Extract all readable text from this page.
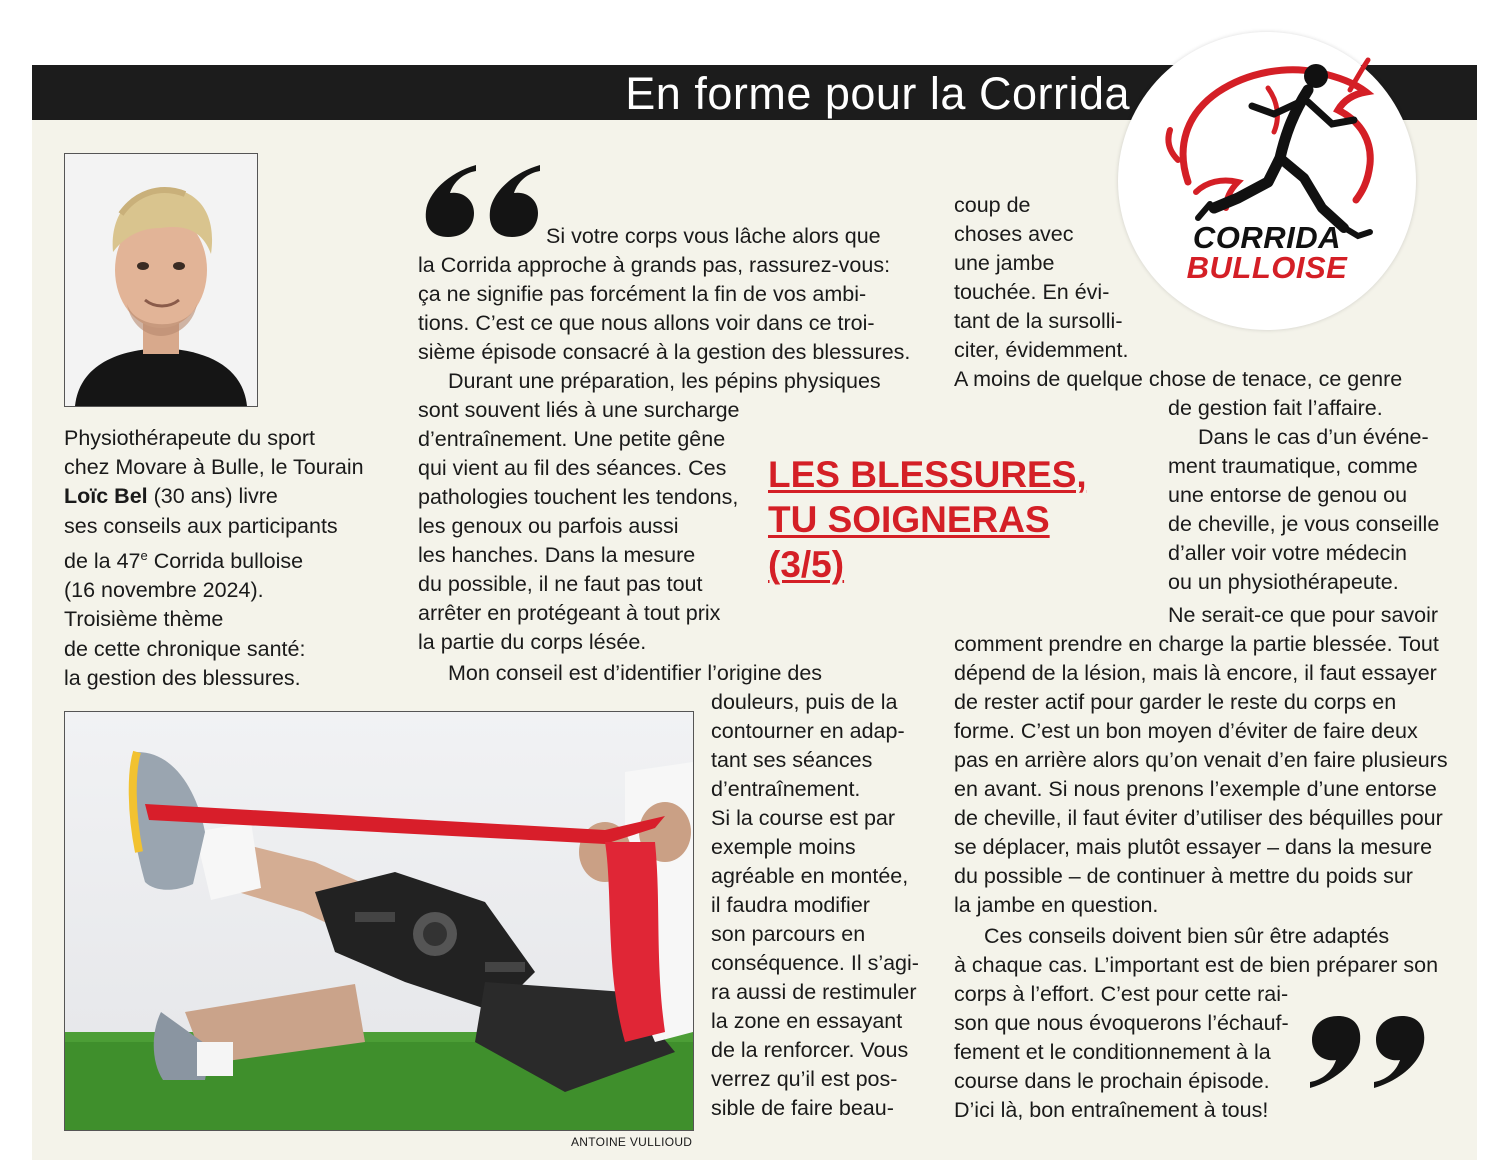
En forme pour la Corrida
CORRIDA
BULLOISE
Physiothérapeute du sport
chez Movare à Bulle, le Tourain
Loïc Bel (30 ans) livre
ses conseils aux participants
de la 47e Corrida bulloise
(16 novembre 2024).
Troisième thème
de cette chronique santé:
la gestion des blessures.
ANTOINE VULLIOUD
LES BLESSURES,
TU SOIGNERAS
(3/5)
Si votre corps vous lâche alors que
la Corrida approche à grands pas, rassurez-vous:
ça ne signifie pas forcément la fin de vos ambi-
tions. C’est ce que nous allons voir dans ce troi-
sième épisode consacré à la gestion des blessures.
Durant une préparation, les pépins physiques
sont souvent liés à une surcharge
d’entraînement. Une petite gêne
qui vient au fil des séances. Ces
pathologies touchent les tendons,
les genoux ou parfois aussi
les hanches. Dans la mesure
du possible, il ne faut pas tout
arrêter en protégeant à tout prix
la partie du corps lésée.
Mon conseil est d’identifier l’origine des
douleurs, puis de la
contourner en adap-
tant ses séances
d’entraînement.
Si la course est par
exemple moins
agréable en montée,
il faudra modifier
son parcours en
conséquence. Il s’agi-
ra aussi de restimuler
la zone en essayant
de la renforcer. Vous
verrez qu’il est pos-
sible de faire beau-
coup de
choses avec
une jambe
touchée. En évi-
tant de la sursolli-
citer, évidemment.
A moins de quelque chose de tenace, ce genre
de gestion fait l’affaire.
Dans le cas d’un événe-
ment traumatique, comme
une entorse de genou ou
de cheville, je vous conseille
d’aller voir votre médecin
ou un physiothérapeute.
Ne serait-ce que pour savoir
comment prendre en charge la partie blessée. Tout
dépend de la lésion, mais là encore, il faut essayer
de rester actif pour garder le reste du corps en
forme. C’est un bon moyen d’éviter de faire deux
pas en arrière alors qu’on venait d’en faire plusieurs
en avant. Si nous prenons l’exemple d’une entorse
de cheville, il faut éviter d’utiliser des béquilles pour
se déplacer, mais plutôt essayer – dans la mesure
du possible – de continuer à mettre du poids sur
la jambe en question.
Ces conseils doivent bien sûr être adaptés
à chaque cas. L’important est de bien préparer son
corps à l’effort. C’est pour cette rai-
son que nous évoquerons l’échauf-
fement et le conditionnement à la
course dans le prochain épisode.
D’ici là, bon entraînement à tous!
